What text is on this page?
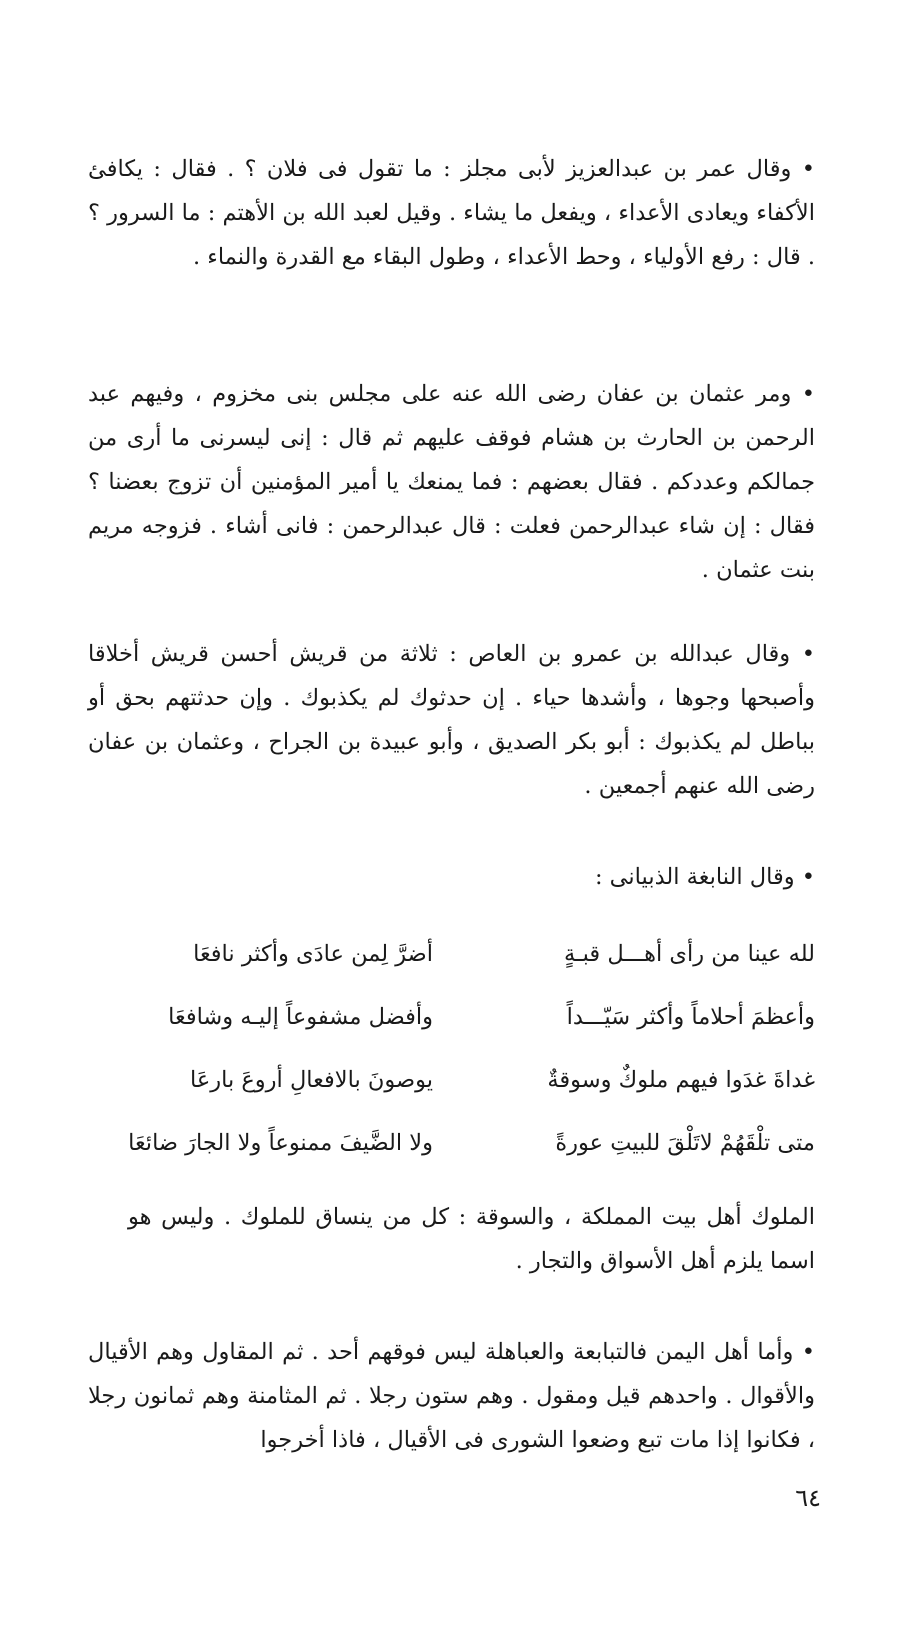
• وقال عمر بن عبدالعزيز لأبى مجلز : ما تقول فى فلان ؟ . فقال : يكافئ الأكفاء ويعادى الأعداء ، ويفعل ما يشاء . وقيل لعبد الله بن الأهتم : ما السرور ؟ . قال : رفع الأولياء ، وحط الأعداء ، وطول البقاء مع القدرة والنماء .

• ومر عثمان بن عفان رضى الله عنه على مجلس بنى مخزوم ، وفيهم عبد الرحمن بن الحارث بن هشام فوقف عليهم ثم قال : إنى ليسرنى ما أرى من جمالكم وعددكم . فقال بعضهم : فما يمنعك يا أمير المؤمنين أن تزوج بعضنا ؟ فقال : إن شاء عبدالرحمن فعلت : قال عبدالرحمن : فانى أشاء . فزوجه مريم بنت عثمان .

• وقال عبدالله بن عمرو بن العاص : ثلاثة من قريش أحسن قريش أخلاقا وأصبحها وجوها ، وأشدها حياء . إن حدثوك لم يكذبوك . وإن حدثتهم بحق أو بباطل لم يكذبوك : أبو بكر الصديق ، وأبو عبيدة بن الجراح ، وعثمان بن عفان رضى الله عنهم أجمعين .

• وقال النابغة الذبيانى :

لله عينا من رأى أهـــل قبـةٍ
أضرَّ لِمن عادَى وأكثر نافعَا
وأعظمَ أحلاماً وأكثر سَيّـــداً
وأفضل مشفوعاً إليـه وشافعَا
غداةَ غدَوا فيهم ملوكٌ وسوقةٌ
يوصونَ بالافعالِ أروعَ بارعَا
متى تلْقَهُمْ لاتَلْقَ للبيتِ عورةً
ولا الضَّيفَ ممنوعاً ولا الجارَ ضائعَا

الملوك أهل بيت المملكة ، والسوقة : كل من ينساق للملوك . وليس هو اسما يلزم أهل الأسواق والتجار .

• وأما أهل اليمن فالتبابعة والعباهلة ليس فوقهم أحد . ثم المقاول وهم الأقيال والأقوال . واحدهم قيل ومقول . وهم ستون رجلا . ثم المثامنة وهم ثمانون رجلا ، فكانوا إذا مات تبع وضعوا الشورى فى الأقيال ، فاذا أخرجوا

٦٤
